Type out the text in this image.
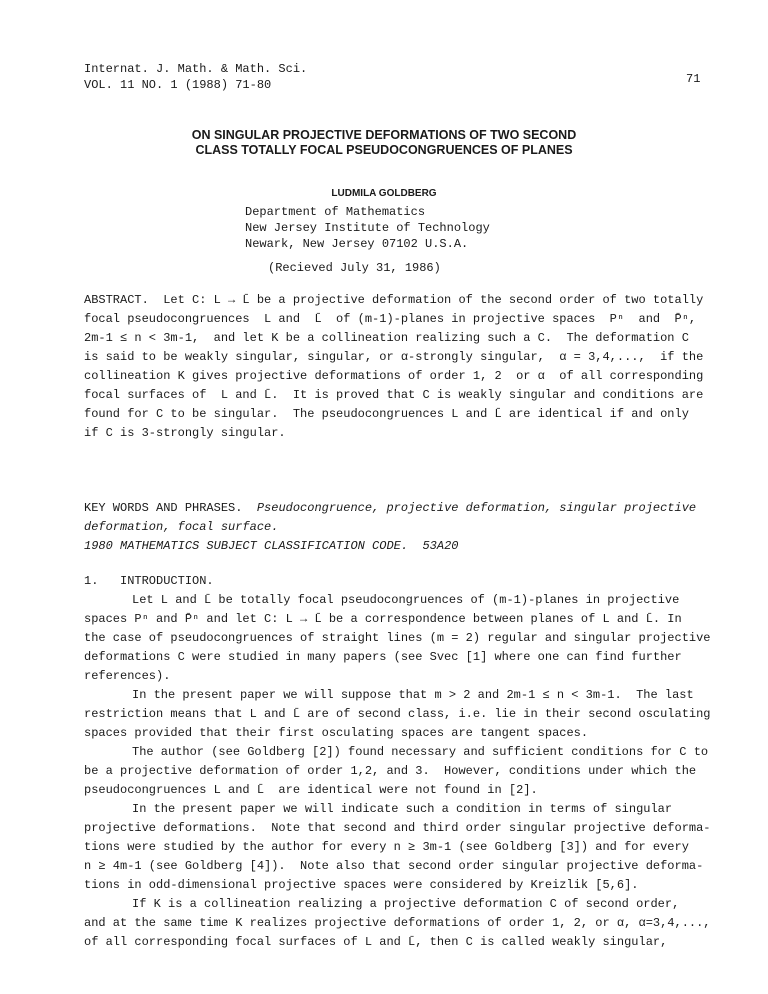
Internat. J. Math. & Math. Sci.
VOL. 11 NO. 1 (1988) 71-80	71
ON SINGULAR PROJECTIVE DEFORMATIONS OF TWO SECOND
CLASS TOTALLY FOCAL PSEUDOCONGRUENCES OF PLANES
LUDMILA GOLDBERG
Department of Mathematics
New Jersey Institute of Technology
Newark, New Jersey 07102 U.S.A.
(Recieved July 31, 1986)
ABSTRACT.  Let C: L → L̄ be a projective deformation of the second order of two totally
focal pseudocongruences  L and  L̄  of (m-1)-planes in projective spaces  Pⁿ  and  P̄ⁿ,
2m-1 ≤ n < 3m-1,  and let K be a collineation realizing such a C.  The deformation C
is said to be weakly singular, singular, or α-strongly singular,  α = 3,4,...,  if the
collineation K gives projective deformations of order 1, 2  or α  of all corresponding
focal surfaces of  L and L̄.  It is proved that C is weakly singular and conditions are
found for C to be singular.  The pseudocongruences L and L̄ are identical if and only
if C is 3-strongly singular.
KEY WORDS AND PHRASES. Pseudocongruence, projective deformation, singular projective
deformation, focal surface.
1980 MATHEMATICS SUBJECT CLASSIFICATION CODE. 53A20
1.   INTRODUCTION.
Let L and L̄ be totally focal pseudocongruences of (m-1)-planes in projective
spaces Pⁿ and P̄ⁿ and let C: L → L̄ be a correspondence between planes of L and L̄. In
the case of pseudocongruences of straight lines (m = 2) regular and singular projective
deformations C were studied in many papers (see Svec [1] where one can find further
references).
In the present paper we will suppose that m > 2 and 2m-1 ≤ n < 3m-1.  The last
restriction means that L and L̄ are of second class, i.e. lie in their second osculating
spaces provided that their first osculating spaces are tangent spaces.
The author (see Goldberg [2]) found necessary and sufficient conditions for C to
be a projective deformation of order 1,2, and 3.  However, conditions under which the
pseudocongruences L and L̄  are identical were not found in [2].
In the present paper we will indicate such a condition in terms of singular
projective deformations.  Note that second and third order singular projective deforma-
tions were studied by the author for every n ≥ 3m-1 (see Goldberg [3]) and for every
n ≥ 4m-1 (see Goldberg [4]).  Note also that second order singular projective deforma-
tions in odd-dimensional projective spaces were considered by Kreizlik [5,6].
If K is a collineation realizing a projective deformation C of second order,
and at the same time K realizes projective deformations of order 1, 2, or α, α=3,4,...,
of all corresponding focal surfaces of L and L̄, then C is called weakly singular,
